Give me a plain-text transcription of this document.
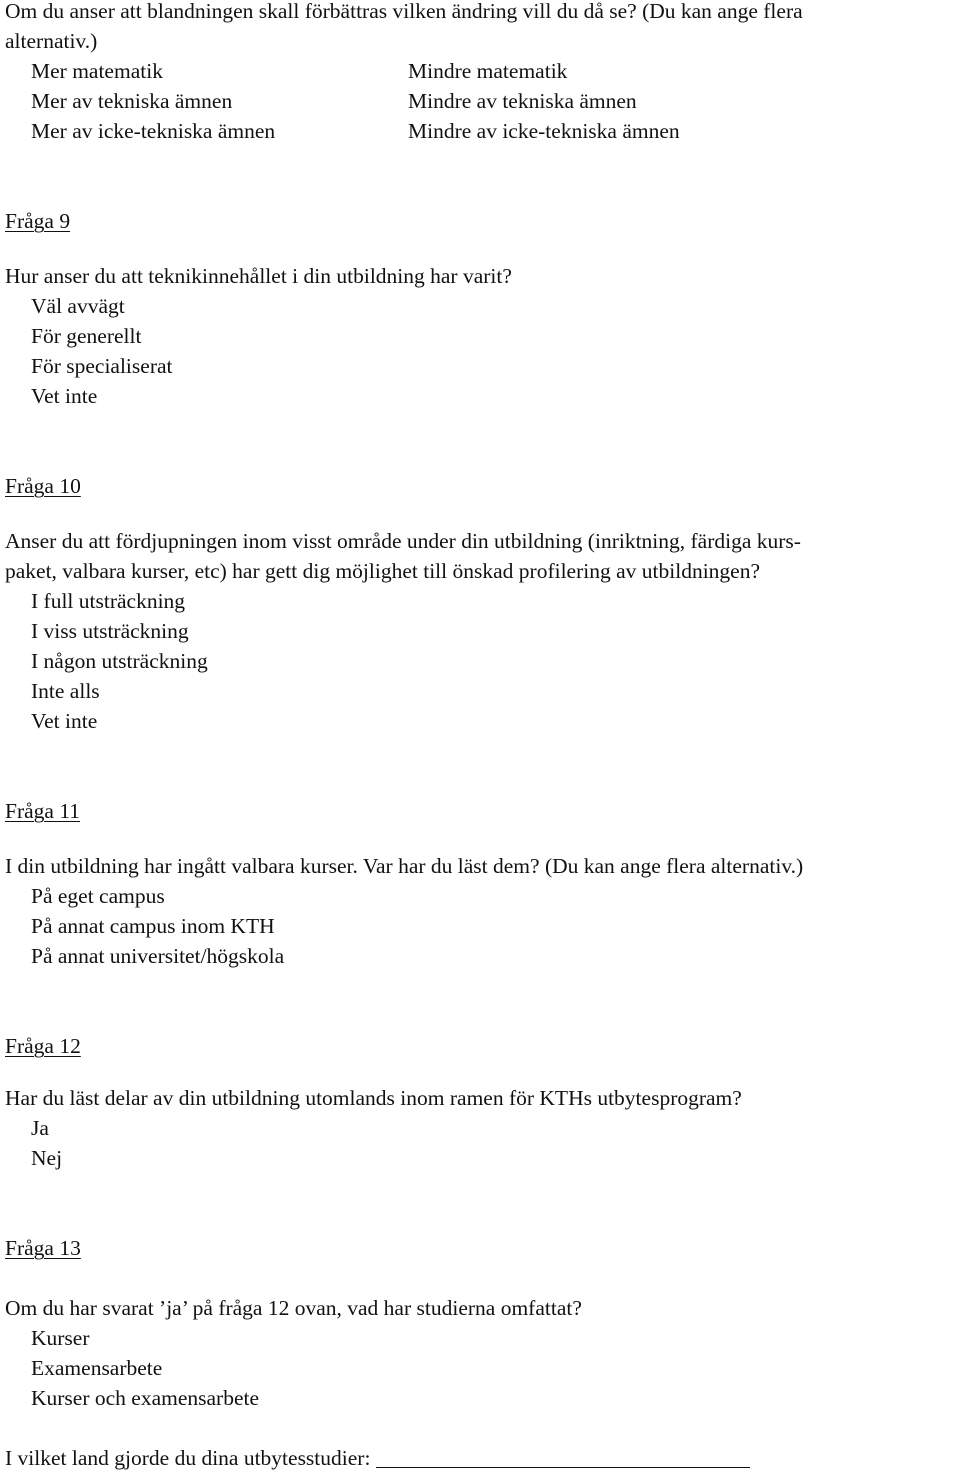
Om du anser att blandningen skall förbättras vilken ändring vill du då se? (Du kan ange flera
alternativ.)
Mer matematik
Mer av tekniska ämnen
Mer av icke-tekniska ämnen
Mindre matematik
Mindre av tekniska ämnen
Mindre av icke-tekniska ämnen
Fråga 9
Hur anser du att teknikinnehållet i din utbildning har varit?
Väl avvägt
För generellt
För specialiserat
Vet inte
Fråga 10
Anser du att fördjupningen inom visst område under din utbildning (inriktning, färdiga kurs-
paket, valbara kurser, etc) har gett dig möjlighet till önskad profilering av utbildningen?
I full utsträckning
I viss utsträckning
I någon utsträckning
Inte alls
Vet inte
Fråga 11
I din utbildning har ingått valbara kurser. Var har du läst dem? (Du kan ange flera alternativ.)
På eget campus
På annat campus inom KTH
På annat universitet/högskola
Fråga 12
Har du läst delar av din utbildning utomlands inom ramen för KTHs utbytesprogram?
Ja
Nej
Fråga 13
Om du har svarat ’ja’ på fråga 12 ovan, vad har studierna omfattat?
Kurser
Examensarbete
Kurser och examensarbete
I vilket land gjorde du dina utbytesstudier:
